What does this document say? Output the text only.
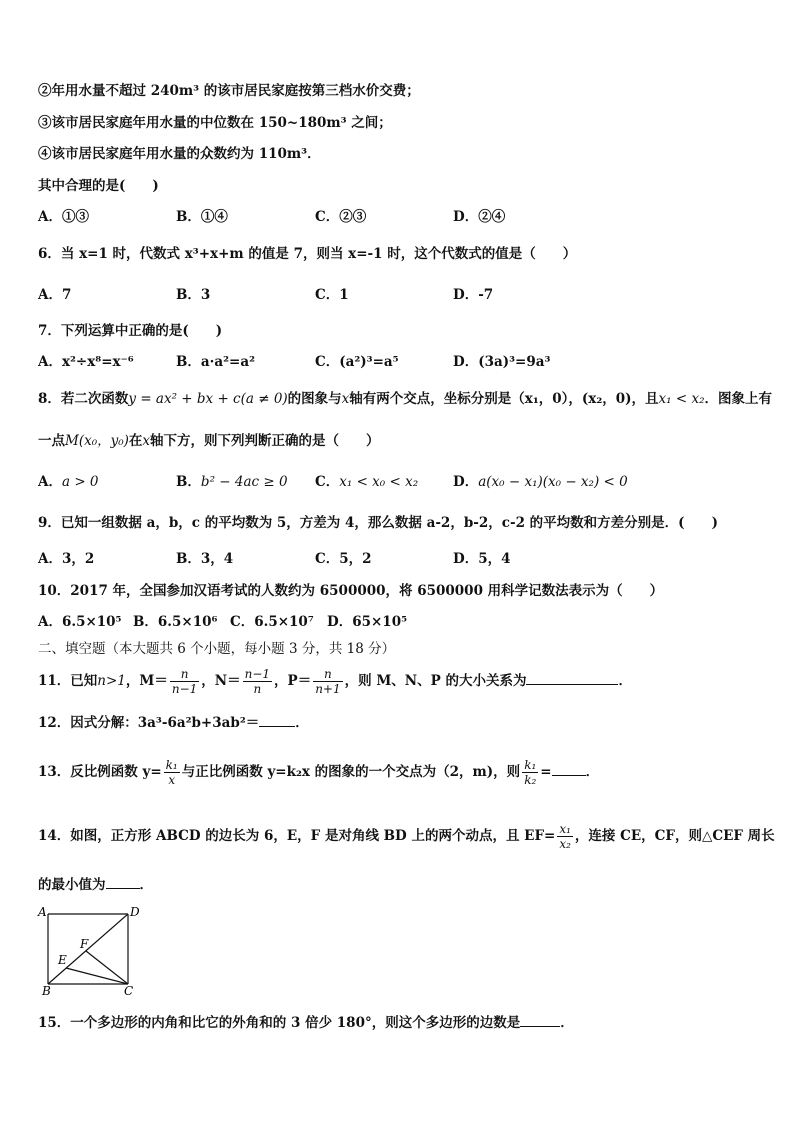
②年用水量不超过 240m³ 的该市居民家庭按第三档水价交费；
③该市居民家庭年用水量的中位数在 150~180m³ 之间；
④该市居民家庭年用水量的众数约为 110m³．
其中合理的是(　　)
A．①③	B．①④	C．②③	D．②④
6．当 x=1 时，代数式 x³+x+m 的值是 7，则当 x=-1 时，这个代数式的值是（　　）
A．7	B．3	C．1	D．-7
7．下列运算中正确的是(　　)
A．x²÷x⁸=x⁻⁶	B．a·a²=a²	C．(a²)³=a⁵	D．(3a)³=9a³
8．若二次函数y = ax² + bx + c(a ≠ 0)的图象与x轴有两个交点，坐标分别是（x₁，0），(x₂，0)，且x₁ < x₂．图象上有
一点M(x₀，y₀)在x轴下方，则下列判断正确的是（　　）
A．a > 0	B．b² − 4ac ≥ 0 C．x₁ < x₀ < x₂	D．a(x₀ − x₁)(x₀ − x₂) < 0
9．已知一组数据 a，b，c 的平均数为 5，方差为 4，那么数据 a-2，b-2，c-2 的平均数和方差分别是．(　　)
A．3，2	B．3，4	C．5，2	D．5，4
10．2017 年，全国参加汉语考试的人数约为 6500000，将 6500000 用科学记数法表示为（　　）
A．6.5×10⁵ B．6.5×10⁶ C．6.5×10⁷ D．65×10⁵
二、填空题（本大题共 6 个小题，每小题 3 分，共 18 分）
11．已知n>1，$M= \frac{n}{n-1}$ ，$N= \frac{n-1}{n}$ ，$P= \frac{n}{n+1}$ ，则 M、N、P 的大小关系为	．
12．因式分解：3a³-6a²b+3ab²＝	．
13．反比例函数 $y= \frac{\text{k₁}}{x}$ 与正比例函数 y=k₂x 的图象的一个交点为（2，m)，则 $\frac{\text{k₁}}{\text{k₂}}$ =	．
14．如图，正方形 ABCD 的边长为 6，E，F 是对角线 BD 上的两个动点，且 $EF= \frac{\text{x₁}}{\text{x₂}}$ ，连接 CE，CF，则△CEF 周长
的最小值为	．
A	D
F
E
B	C
15．一个多边形的内角和比它的外角和的 3 倍少 180°，则这个多边形的边数是	．
